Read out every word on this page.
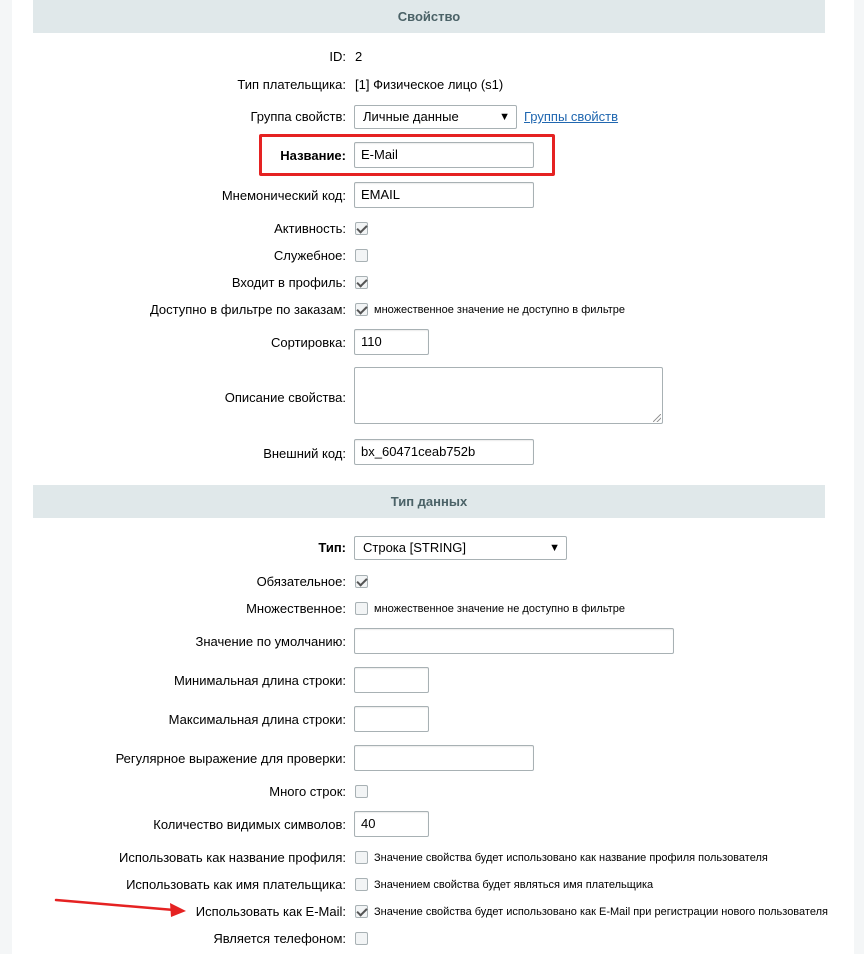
Свойство
ID: 2
Тип плательщика: [1] Физическое лицо (s1)
Группа свойств:	Личные данные	▼ Группы свойств
Название:	E-Mail
Мнемонический код:	EMAIL
Активность:
Служебное:
Входит в профиль:
Доступно в фильтре по заказам:	множественное значение не доступно в фильтре
Сортировка:	110
Описание свойства:
Внешний код:	bx_60471ceab752b
Тип данных
Тип:	Строка [STRING]	▼
Обязательное:
Множественное:	множественное значение не доступно в фильтре
Значение по умолчанию:
Минимальная длина строки:
Максимальная длина строки:
Регулярное выражение для проверки:
Много строк:
Количество видимых символов:	40
Использовать как название профиля:	Значение свойства будет использовано как название профиля пользователя
Использовать как имя плательщика:	Значением свойства будет являться имя плательщика
Использовать как E-Mail:	Значение свойства будет использовано как E-Mail при регистрации нового пользователя
Является телефоном:
